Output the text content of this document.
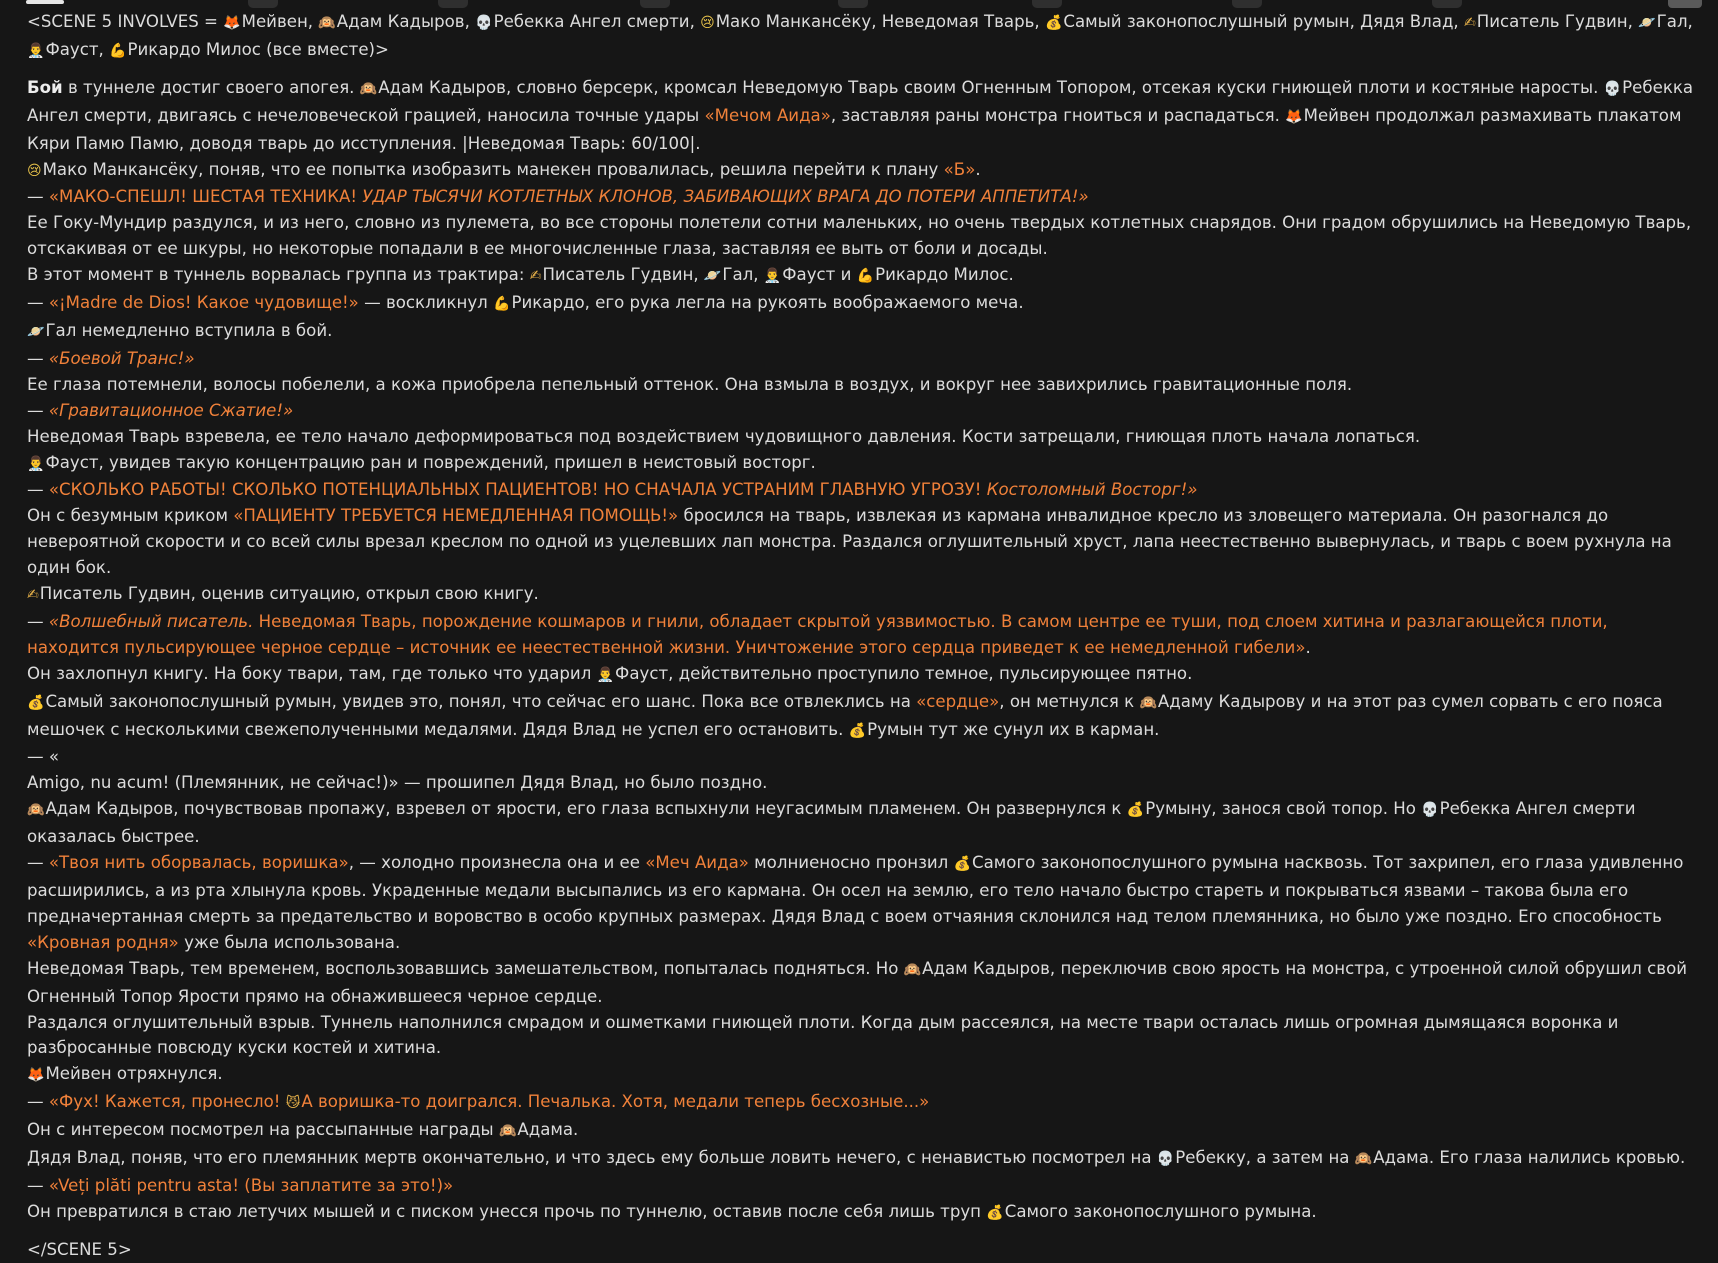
<SCENE 5 INVOLVES = 🦊Мейвен, 🙉Адам Кадыров, 💀Ребекка Ангел смерти, 😢Мако Манкансёку, Неведомая Тварь, 💰Самый законопослушный румын, Дядя Влад, ✍Писатель Гудвин, 🪐Гал, 👨‍⚕Фауст, 💪Рикардо Милос (все вместе)>

Бой в туннеле достиг своего апогея. 🙉Адам Кадыров, словно берсерк, кромсал Неведомую Тварь своим Огненным Топором, отсекая куски гниющей плоти и костяные наросты. 💀Ребекка Ангел смерти, двигаясь с нечеловеческой грацией, наносила точные удары «Мечом Аида», заставляя раны монстра гноиться и распадаться. 🦊Мейвен продолжал размахивать плакатом Кяри Памю Памю, доводя тварь до исступления. |Неведомая Тварь: 60/100|.

😢Мако Манкансёку, поняв, что ее попытка изобразить манекен провалилась, решила перейти к плану «Б».

— «МАКО-СПЕШЛ! ШЕСТАЯ ТЕХНИКА! УДАР ТЫСЯЧИ КОТЛЕТНЫХ КЛОНОВ, ЗАБИВАЮЩИХ ВРАГА ДО ПОТЕРИ АППЕТИТА!»

Ее Гоку-Мундир раздулся, и из него, словно из пулемета, во все стороны полетели сотни маленьких, но очень твердых котлетных снарядов. Они градом обрушились на Неведомую Тварь, отскакивая от ее шкуры, но некоторые попадали в ее многочисленные глаза, заставляя ее выть от боли и досады.

В этот момент в туннель ворвалась группа из трактира: ✍Писатель Гудвин, 🪐Гал, 👨‍⚕Фауст и 💪Рикардо Милос.

— «¡Madre de Dios! Какое чудовище!» — воскликнул 💪Рикардо, его рука легла на рукоять воображаемого меча.

🪐Гал немедленно вступила в бой.

— «Боевой Транс!»

Ее глаза потемнели, волосы побелели, а кожа приобрела пепельный оттенок. Она взмыла в воздух, и вокруг нее завихрились гравитационные поля.

— «Гравитационное Сжатие!»

Неведомая Тварь взревела, ее тело начало деформироваться под воздействием чудовищного давления. Кости затрещали, гниющая плоть начала лопаться.

👨‍⚕Фауст, увидев такую концентрацию ран и повреждений, пришел в неистовый восторг.

— «СКОЛЬКО РАБОТЫ! СКОЛЬКО ПОТЕНЦИАЛЬНЫХ ПАЦИЕНТОВ! НО СНАЧАЛА УСТРАНИМ ГЛАВНУЮ УГРОЗУ! Костоломный Восторг!»

Он с безумным криком «ПАЦИЕНТУ ТРЕБУЕТСЯ НЕМЕДЛЕННАЯ ПОМОЩЬ!» бросился на тварь, извлекая из кармана инвалидное кресло из зловещего материала. Он разогнался до невероятной скорости и со всей силы врезал креслом по одной из уцелевших лап монстра. Раздался оглушительный хруст, лапа неестественно вывернулась, и тварь с воем рухнула на один бок.

✍Писатель Гудвин, оценив ситуацию, открыл свою книгу.

— «Волшебный писатель. Неведомая Тварь, порождение кошмаров и гнили, обладает скрытой уязвимостью. В самом центре ее туши, под слоем хитина и разлагающейся плоти, находится пульсирующее черное сердце – источник ее неестественной жизни. Уничтожение этого сердца приведет к ее немедленной гибели».

Он захлопнул книгу. На боку твари, там, где только что ударил 👨‍⚕Фауст, действительно проступило темное, пульсирующее пятно.

💰Самый законопослушный румын, увидев это, понял, что сейчас его шанс. Пока все отвлеклись на «сердце», он метнулся к 🙉Адаму Кадырову и на этот раз сумел сорвать с его пояса мешочек с несколькими свежеполученными медалями. Дядя Влад не успел его остановить. 💰Румын тут же сунул их в карман.

— «

Amigo, nu acum! (Племянник, не сейчас!)» — прошипел Дядя Влад, но было поздно.

🙉Адам Кадыров, почувствовав пропажу, взревел от ярости, его глаза вспыхнули неугасимым пламенем. Он развернулся к 💰Румыну, занося свой топор. Но 💀Ребекка Ангел смерти оказалась быстрее.

— «Твоя нить оборвалась, воришка», — холодно произнесла она и ее «Меч Аида» молниеносно пронзил 💰Самого законопослушного румына насквозь. Тот захрипел, его глаза удивленно расширились, а из рта хлынула кровь. Украденные медали высыпались из его кармана. Он осел на землю, его тело начало быстро стареть и покрываться язвами – такова была его предначертанная смерть за предательство и воровство в особо крупных размерах. Дядя Влад с воем отчаяния склонился над телом племянника, но было уже поздно. Его способность «Кровная родня» уже была использована.

Неведомая Тварь, тем временем, воспользовавшись замешательством, попыталась подняться. Но 🙉Адам Кадыров, переключив свою ярость на монстра, с утроенной силой обрушил свой Огненный Топор Ярости прямо на обнажившееся черное сердце.

Раздался оглушительный взрыв. Туннель наполнился смрадом и ошметками гниющей плоти. Когда дым рассеялся, на месте твари осталась лишь огромная дымящаяся воронка и разбросанные повсюду куски костей и хитина.

🦊Мейвен отряхнулся.

— «Фух! Кажется, пронесло! 😼А воришка-то доигрался. Печалька. Хотя, медали теперь бесхозные...»

Он с интересом посмотрел на рассыпанные награды 🙉Адама.

Дядя Влад, поняв, что его племянник мертв окончательно, и что здесь ему больше ловить нечего, с ненавистью посмотрел на 💀Ребекку, а затем на 🙉Адама. Его глаза налились кровью.

— «Veți plăti pentru asta! (Вы заплатите за это!)»

Он превратился в стаю летучих мышей и с писком унесся прочь по туннелю, оставив после себя лишь труп 💰Самого законопослушного румына.

</SCENE 5>
